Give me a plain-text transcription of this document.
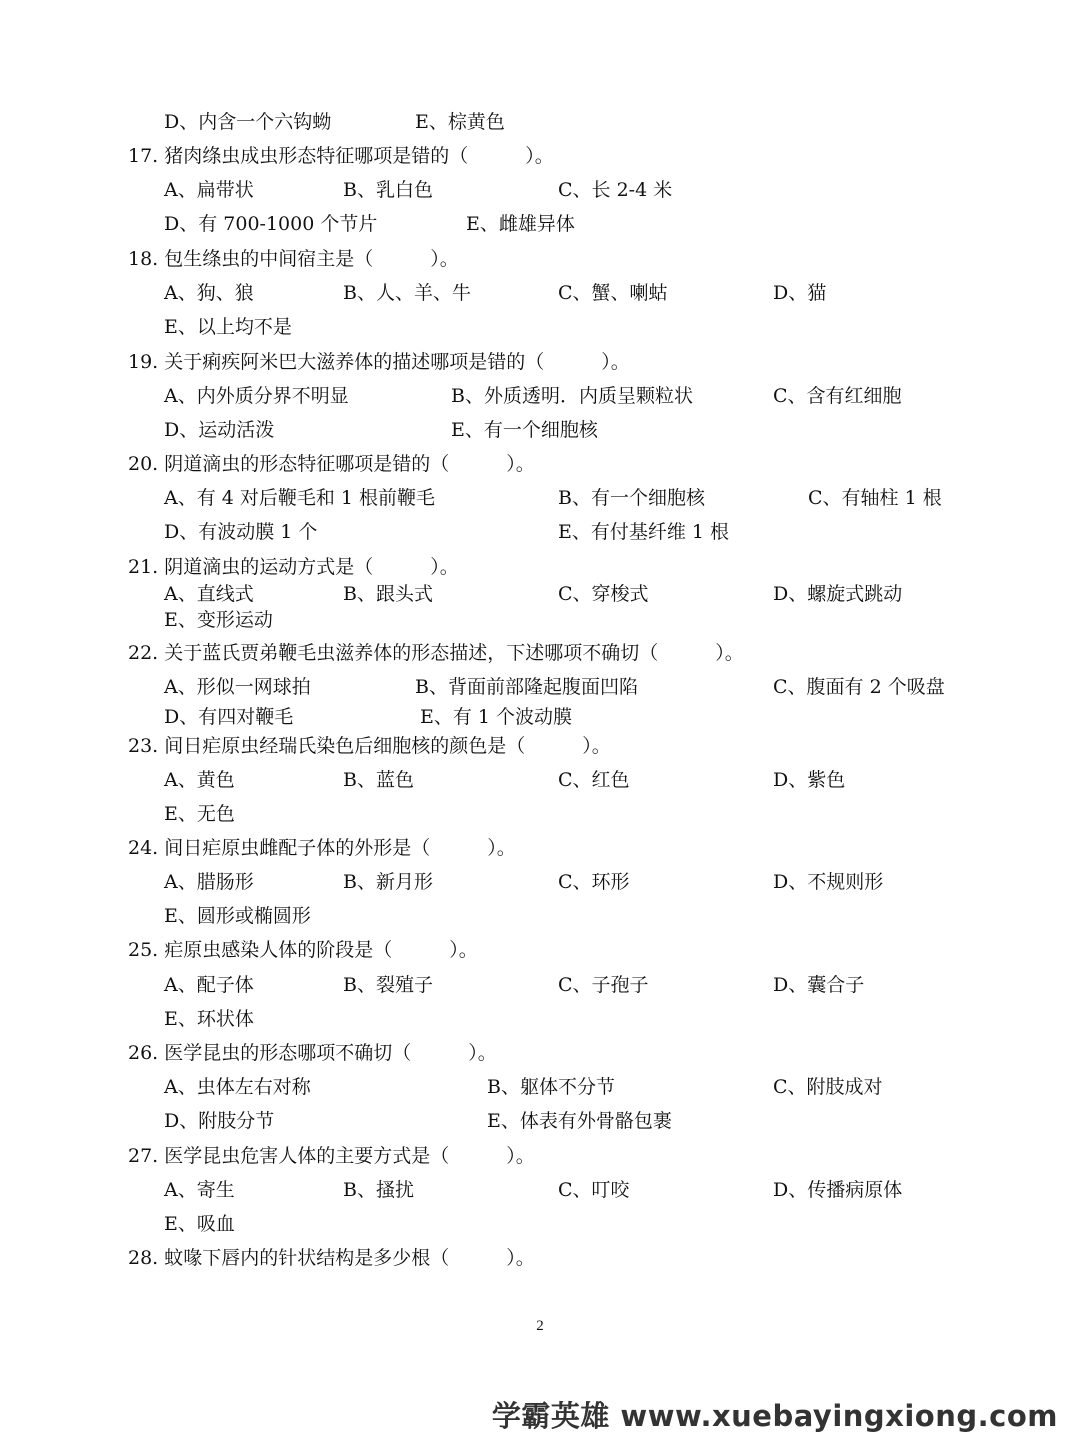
D、内含一个六钩蚴	E、棕黄色
17. 猪肉绦虫成虫形态特征哪项是错的（　　　）。
A、扁带状	B、乳白色	C、长 2-4 米
D、有 700-1000 个节片	E、雌雄异体
18. 包生绦虫的中间宿主是（　　　）。
A、狗、狼	B、人、羊、牛	C、蟹、喇蛄	D、猫
E、以上均不是
19. 关于痢疾阿米巴大滋养体的描述哪项是错的（　　　）。
A、内外质分界不明显	B、外质透明．内质呈颗粒状	C、含有红细胞
D、运动活泼	E、有一个细胞核
20. 阴道滴虫的形态特征哪项是错的（　　　）。
A、有 4 对后鞭毛和 1 根前鞭毛	B、有一个细胞核	C、有轴柱 1 根
D、有波动膜 1 个	E、有付基纤维 1 根
21. 阴道滴虫的运动方式是（　　　）。
A、直线式	B、跟头式	C、穿梭式	D、螺旋式跳动
E、变形运动
22. 关于蓝氏贾弟鞭毛虫滋养体的形态描述，下述哪项不确切（　　　）。
A、形似一网球拍	B、背面前部隆起腹面凹陷	C、腹面有 2 个吸盘
D、有四对鞭毛	E、有 1 个波动膜
23. 间日疟原虫经瑞氏染色后细胞核的颜色是（　　　）。
A、黄色	B、蓝色	C、红色	D、紫色
E、无色
24. 间日疟原虫雌配子体的外形是（　　　）。
A、腊肠形	B、新月形	C、环形	D、不规则形
E、圆形或椭圆形
25. 疟原虫感染人体的阶段是（　　　）。
A、配子体	B、裂殖子	C、子孢子	D、囊合子
E、环状体
26. 医学昆虫的形态哪项不确切（　　　）。
A、虫体左右对称	B、躯体不分节	C、附肢成对
D、附肢分节	E、体表有外骨骼包裹
27. 医学昆虫危害人体的主要方式是（　　　）。
A、寄生	B、搔扰	C、叮咬	D、传播病原体
E、吸血
28. 蚊喙下唇内的针状结构是多少根（　　　）。
2
学霸英雄 www.xuebayingxiong.com
